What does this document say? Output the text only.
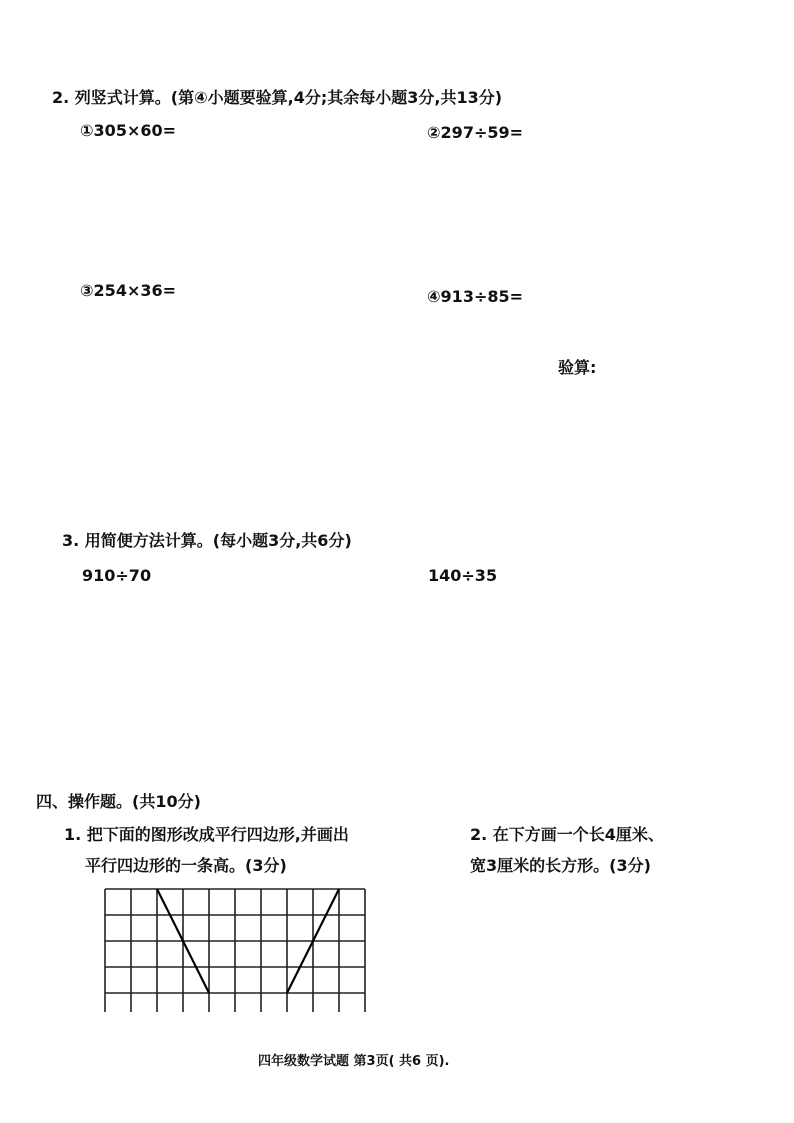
2. 列竖式计算。(第④小题要验算,4分;其余每小题3分,共13分)
①305×60=	②297÷59=
③254×36=	④913÷85=
验算:
3. 用简便方法计算。(每小题3分,共6分)
910÷70	140÷35
四、操作题。(共10分)
1. 把下面的图形改成平行四边形,并画出
平行四边形的一条高。(3分)
2. 在下方画一个长4厘米、
宽3厘米的长方形。(3分)
四年级数学试题 第3页( 共6 页).
